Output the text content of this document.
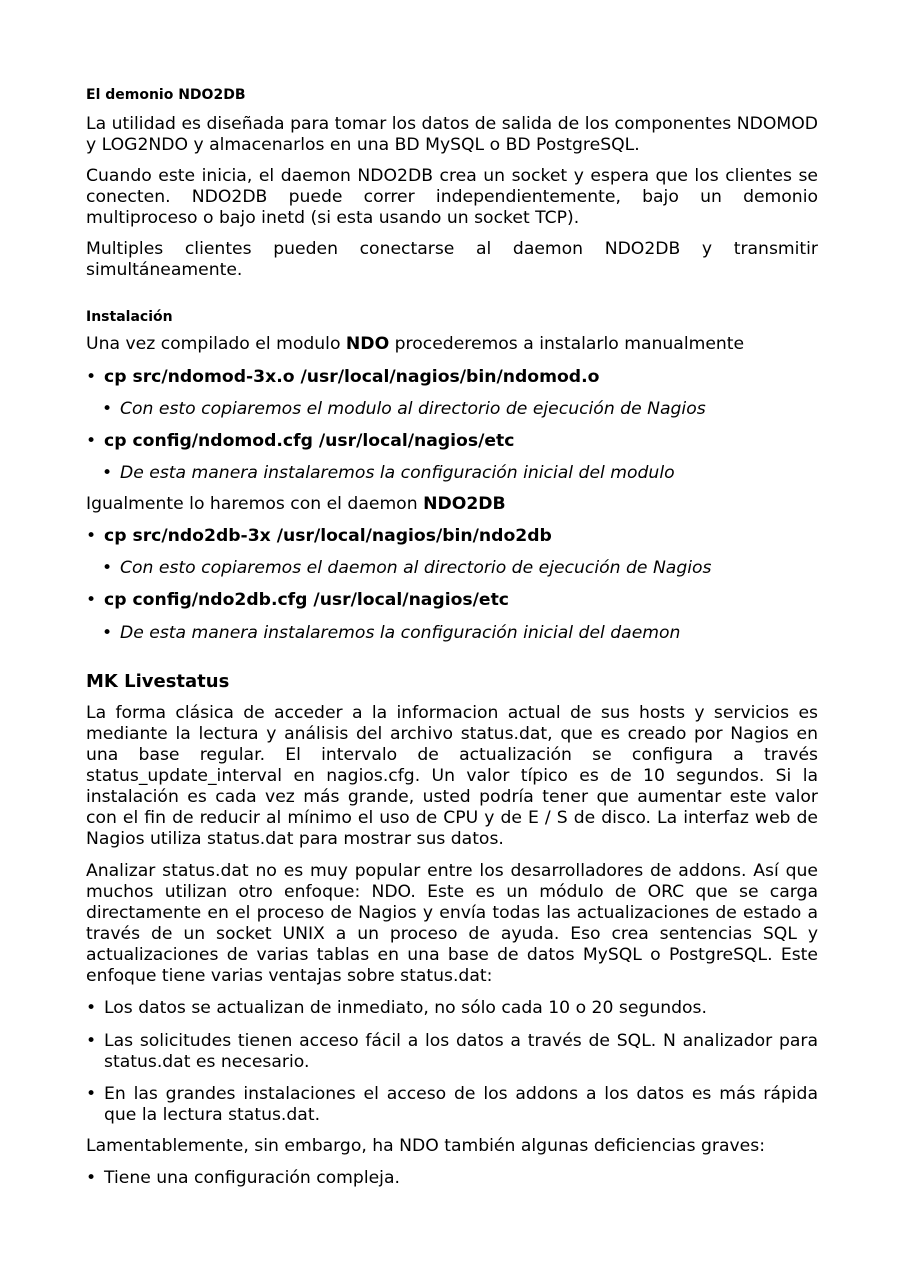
El demonio NDO2DB
La utilidad es diseñada para tomar los datos de salida de los componentes NDOMOD y LOG2NDO y almacenarlos en una BD MySQL o BD PostgreSQL.
Cuando este inicia, el daemon NDO2DB crea un socket y espera que los clientes se conecten. NDO2DB puede correr independientemente, bajo un demonio multiproceso o bajo inetd (si esta usando un socket TCP).
Multiples clientes pueden conectarse al daemon NDO2DB y transmitir simultáneamente.
Instalación
Una vez compilado el modulo NDO procederemos a instalarlo manualmente
• cp src/ndomod-3x.o /usr/local/nagios/bin/ndomod.o
• Con esto copiaremos el modulo al directorio de ejecución de Nagios
• cp config/ndomod.cfg /usr/local/nagios/etc
• De esta manera instalaremos la configuración inicial del modulo
Igualmente lo haremos con el daemon NDO2DB
• cp src/ndo2db-3x /usr/local/nagios/bin/ndo2db
• Con esto copiaremos el daemon al directorio de ejecución de Nagios
• cp config/ndo2db.cfg /usr/local/nagios/etc
• De esta manera instalaremos la configuración inicial del daemon
MK Livestatus
La forma clásica de acceder a la informacion actual de sus hosts y servicios es mediante la lectura y análisis del archivo status.dat, que es creado por Nagios en una base regular. El intervalo de actualización se configura a través status_update_interval en nagios.cfg. Un valor típico es de 10 segundos. Si la instalación es cada vez más grande, usted podría tener que aumentar este valor con el fin de reducir al mínimo el uso de CPU y de E / S de disco. La interfaz web de Nagios utiliza status.dat para mostrar sus datos.
Analizar status.dat no es muy popular entre los desarrolladores de addons. Así que muchos utilizan otro enfoque: NDO. Este es un módulo de ORC que se carga directamente en el proceso de Nagios y envía todas las actualizaciones de estado a través de un socket UNIX a un proceso de ayuda. Eso crea sentencias SQL y actualizaciones de varias tablas en una base de datos MySQL o PostgreSQL. Este enfoque tiene varias ventajas sobre status.dat:
• Los datos se actualizan de inmediato, no sólo cada 10 o 20 segundos.
• Las solicitudes tienen acceso fácil a los datos a través de SQL. N analizador para status.dat es necesario.
• En las grandes instalaciones el acceso de los addons a los datos es más rápida que la lectura status.dat.
Lamentablemente, sin embargo, ha NDO también algunas deficiencias graves:
• Tiene una configuración compleja.
